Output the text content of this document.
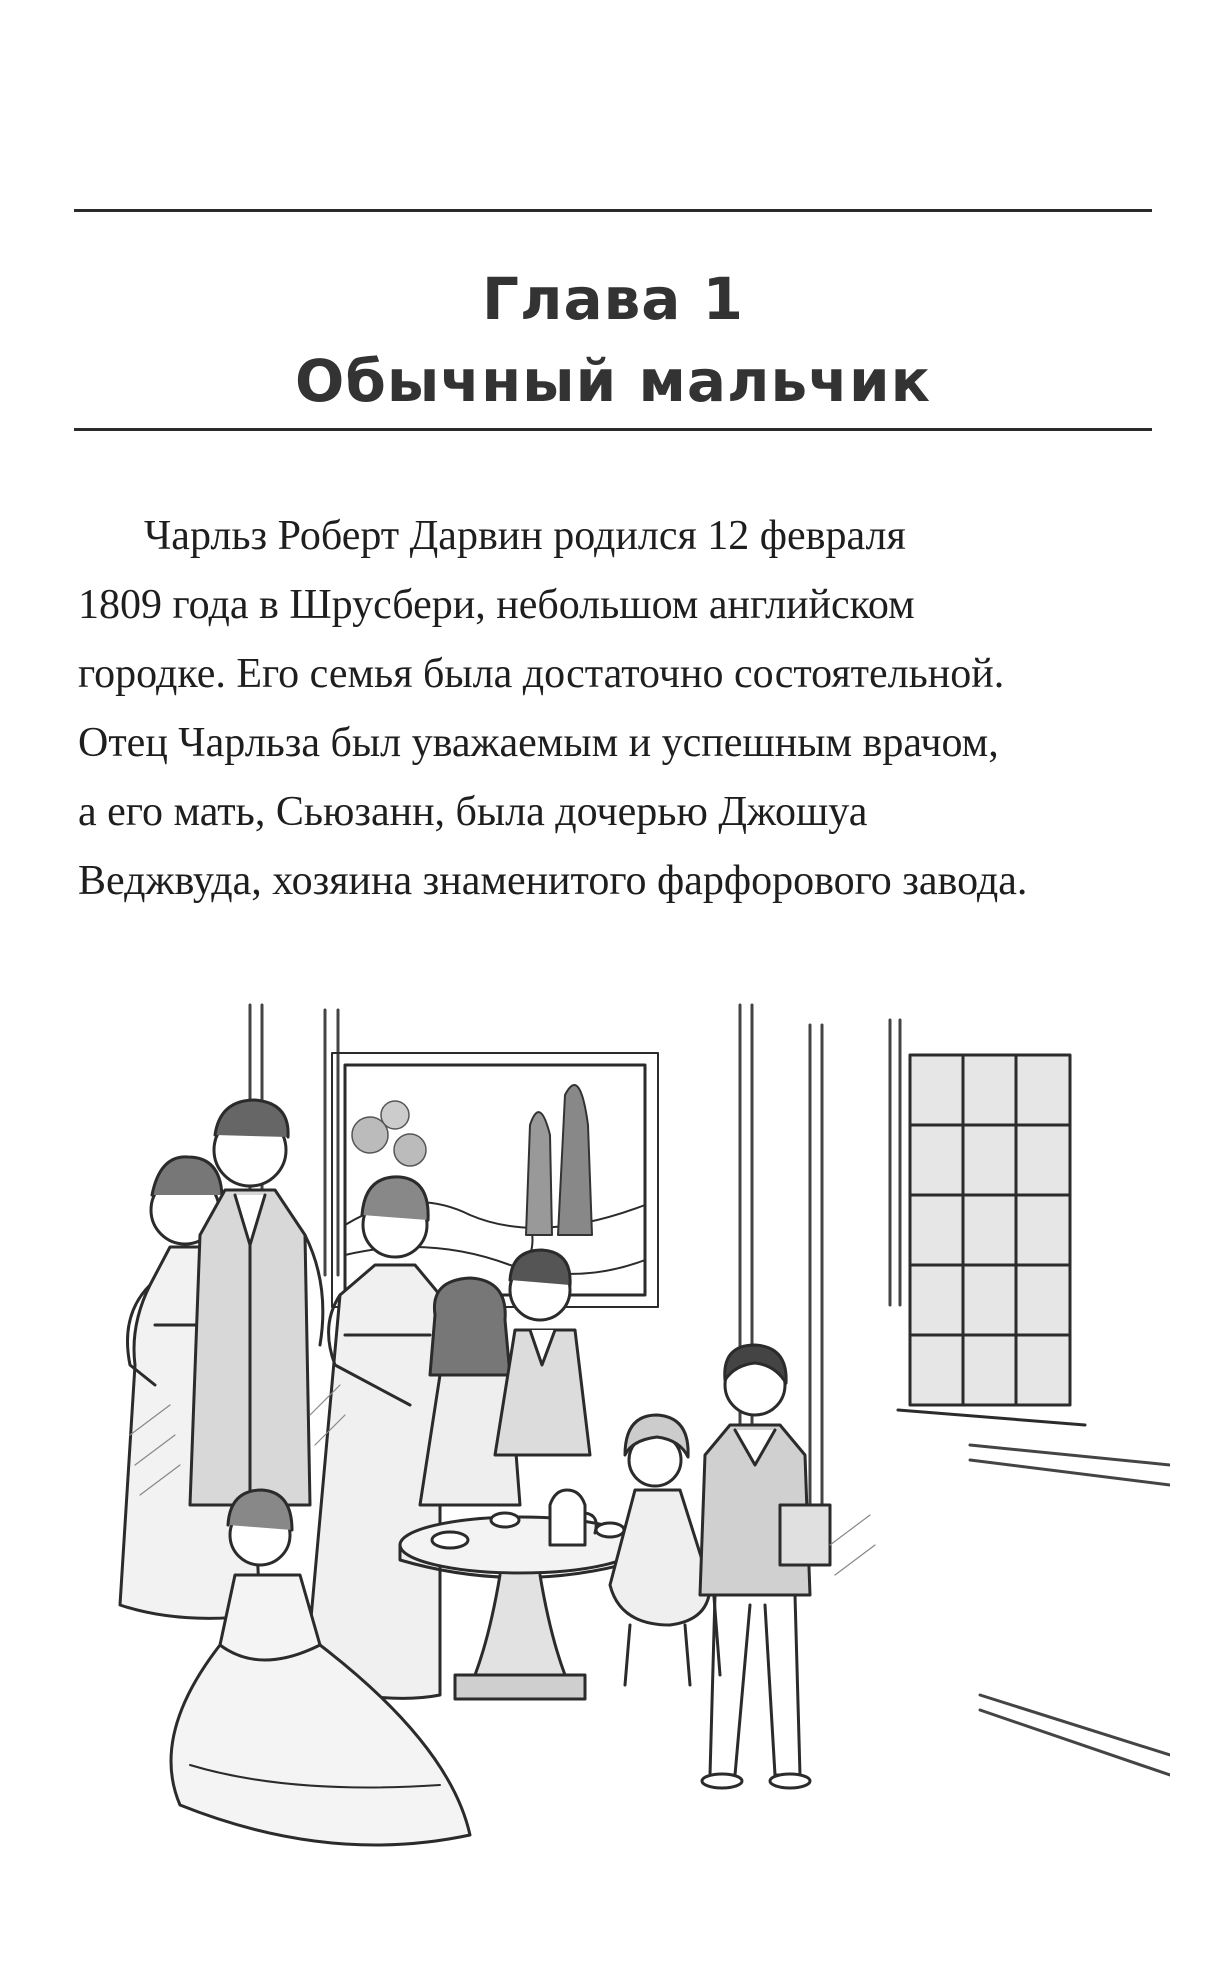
Глава 1
Обычный мальчик
Чарльз Роберт Дарвин родился 12 февраля
1809 года в Шрусбери, небольшом английском
городке. Его семья была достаточно состоятельной.
Отец Чарльза был уважаемым и успешным врачом,
а его мать, Сьюзанн, была дочерью Джошуа
Веджвуда, хозяина знаменитого фарфорового завода.
